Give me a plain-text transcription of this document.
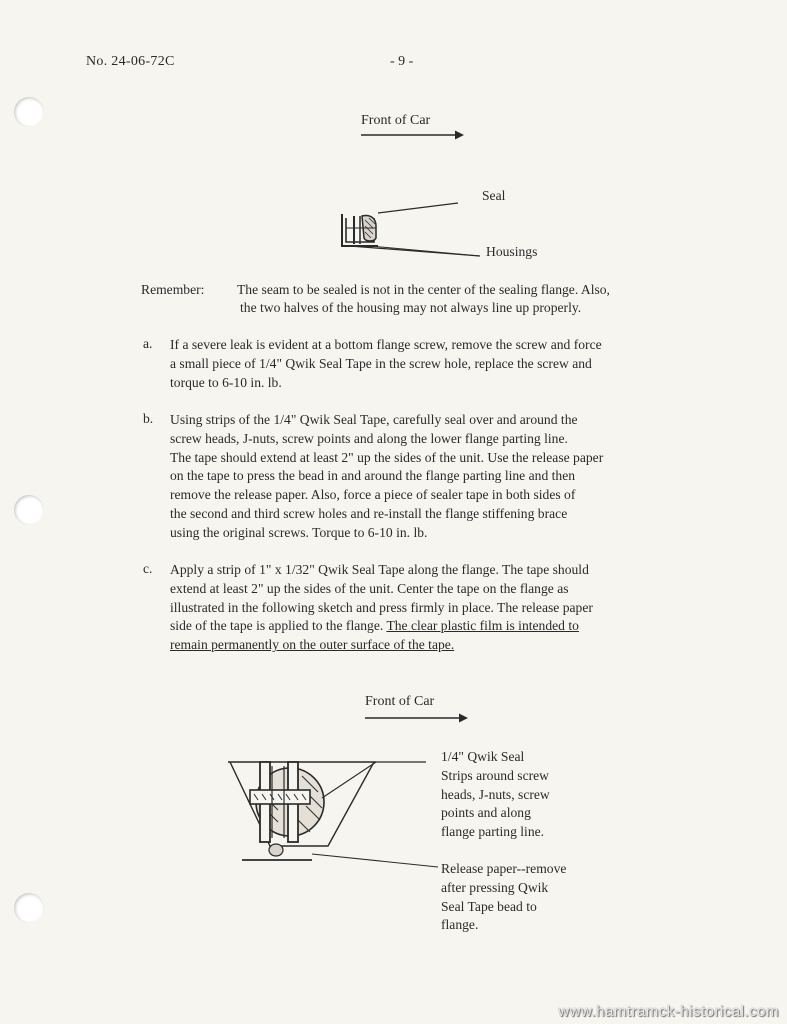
No. 24-06-72C	- 9 -
Front of Car
Seal
Housings
Remember: The seam to be sealed is not in the center of the sealing flange. Also,
the two halves of the housing may not always line up properly.
a. If a severe leak is evident at a bottom flange screw, remove the screw and force
a small piece of 1/4" Qwik Seal Tape in the screw hole, replace the screw and
torque to 6-10 in. lb.
b. Using strips of the 1/4" Qwik Seal Tape, carefully seal over and around the
screw heads, J-nuts, screw points and along the lower flange parting line.
The tape should extend at least 2" up the sides of the unit. Use the release paper
on the tape to press the bead in and around the flange parting line and then
remove the release paper. Also, force a piece of sealer tape in both sides of
the second and third screw holes and re-install the flange stiffening brace
using the original screws. Torque to 6-10 in. lb.
c. Apply a strip of 1" x 1/32" Qwik Seal Tape along the flange. The tape should
extend at least 2" up the sides of the unit. Center the tape on the flange as
illustrated in the following sketch and press firmly in place. The release paper
side of the tape is applied to the flange. The clear plastic film is intended to
remain permanently on the outer surface of the tape.
Front of Car
1/4" Qwik Seal
Strips around screw
heads, J-nuts, screw
points and along
flange parting line.
Release paper--remove
after pressing Qwik
Seal Tape bead to
flange.
www.hamtramck-historical.com
